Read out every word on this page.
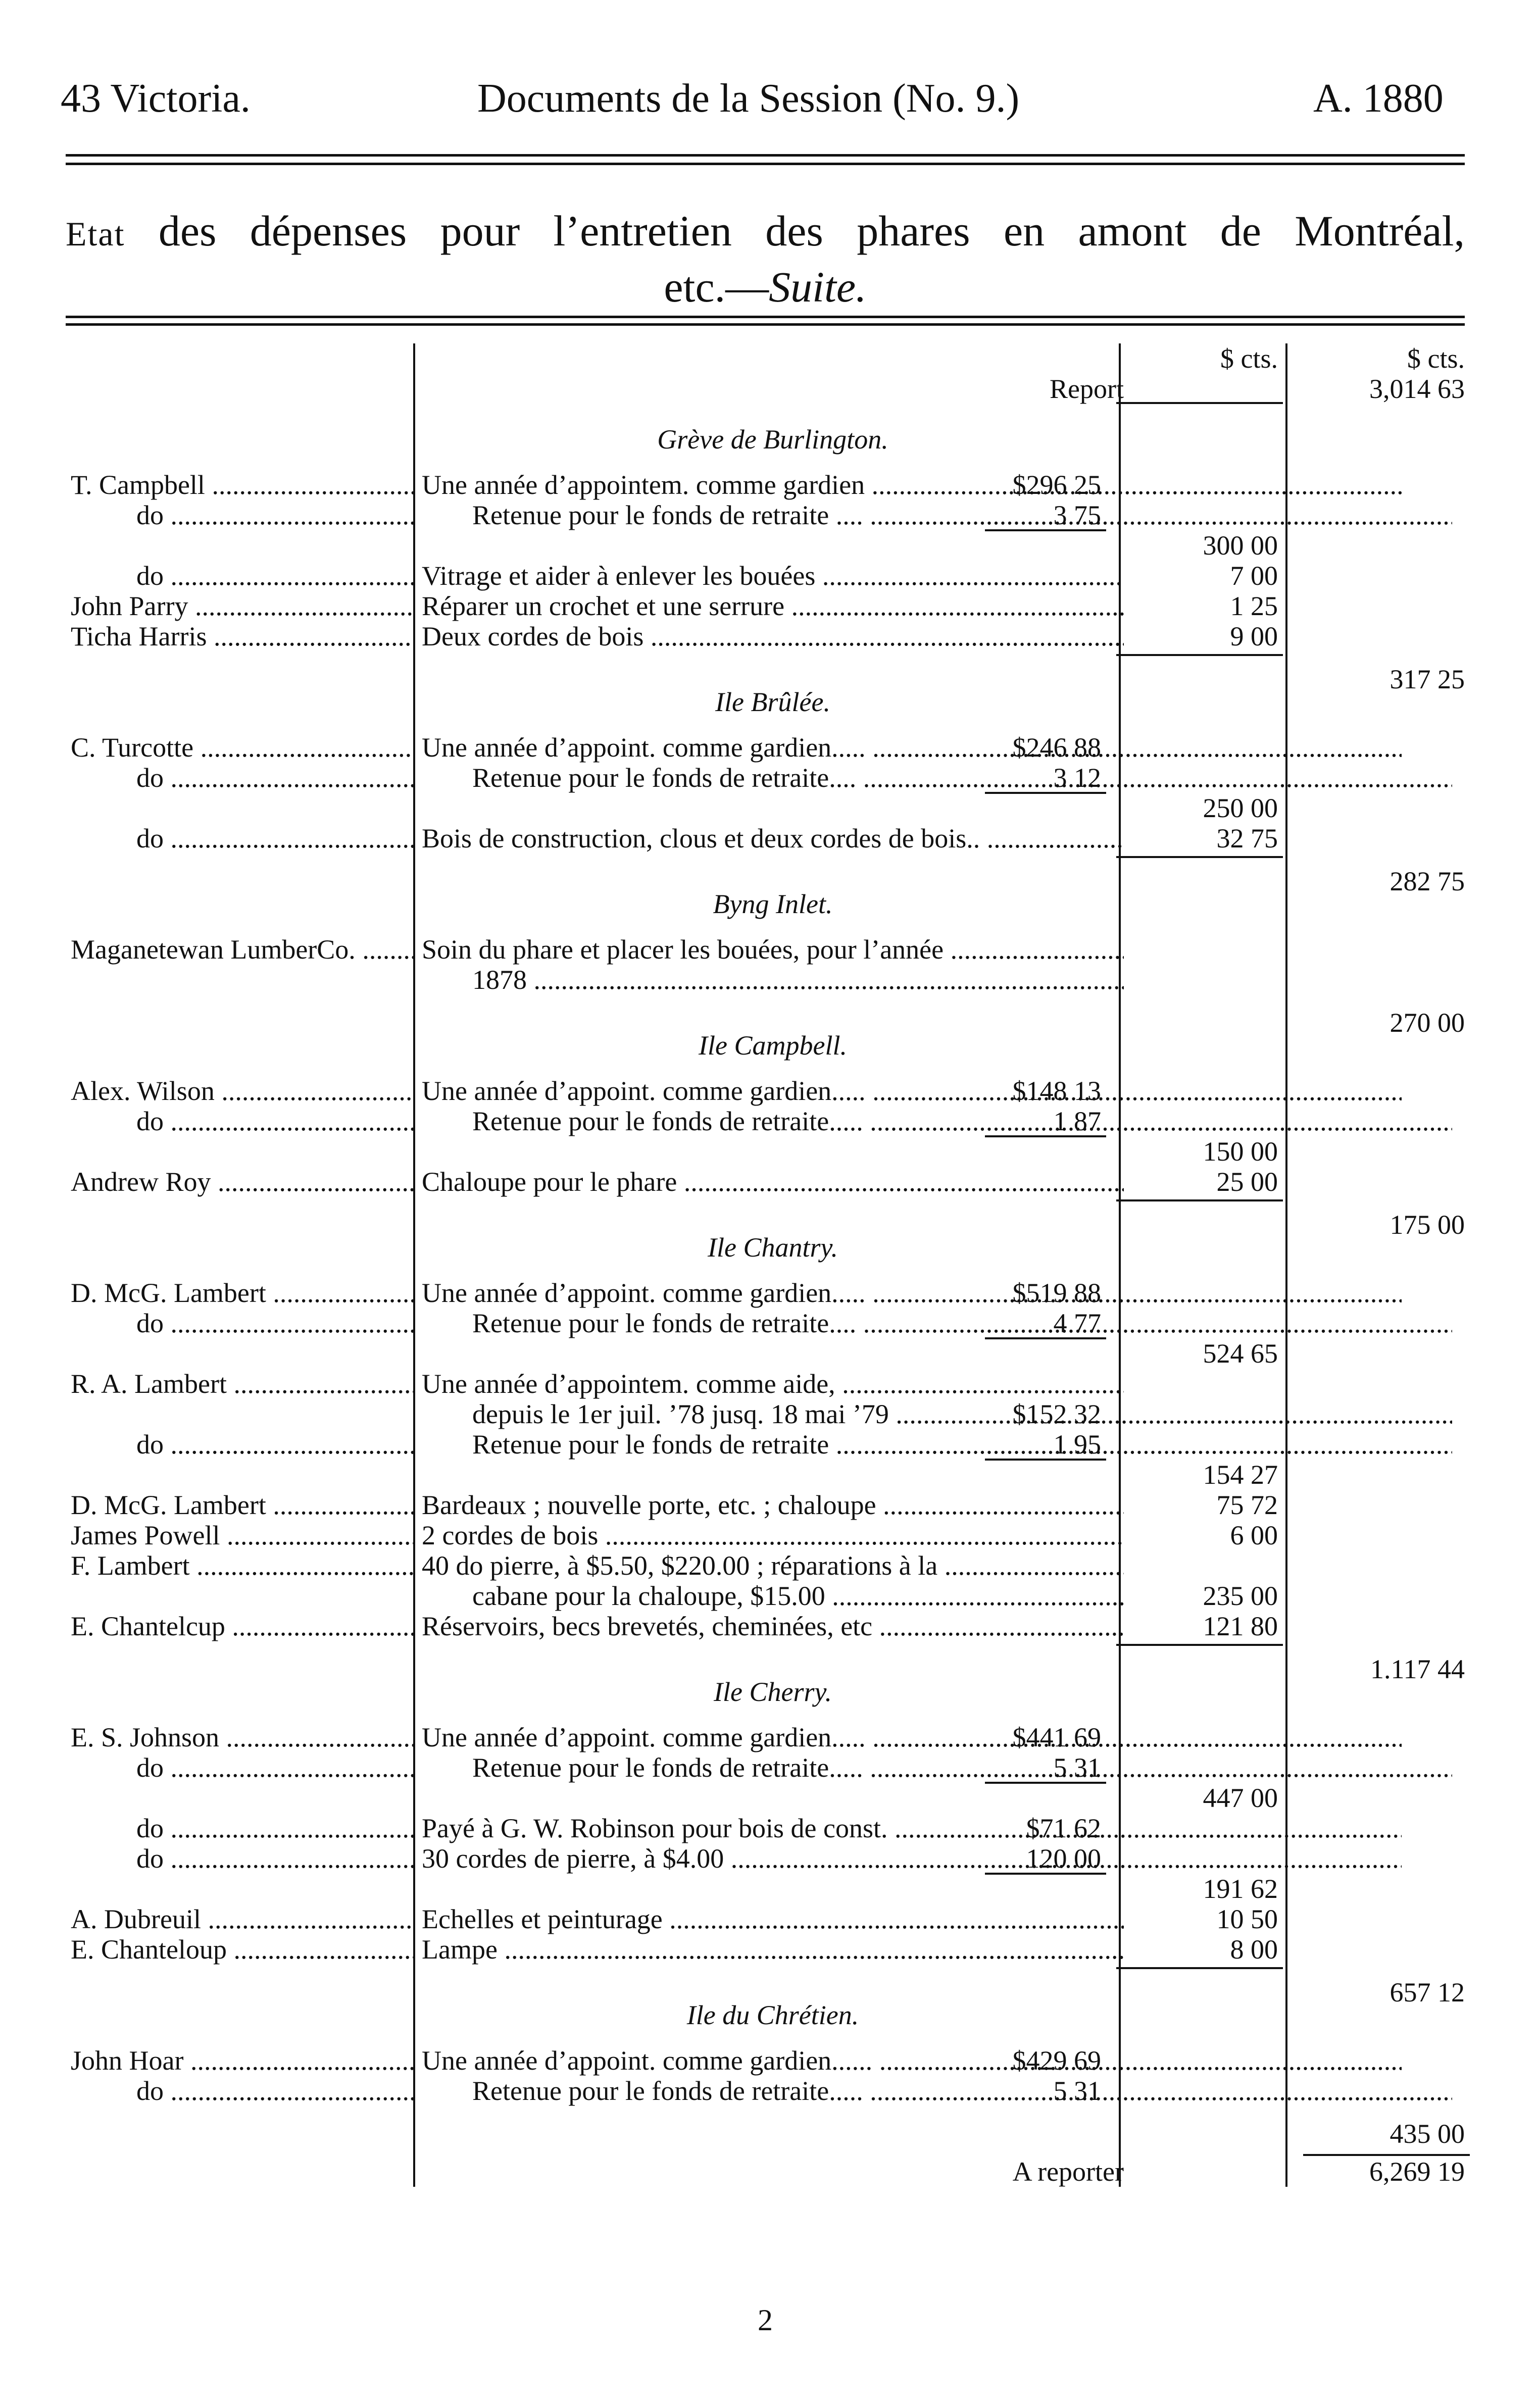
43 Victoria.	Documents de la Session (No. 9.)	A. 1880
Etat des dépenses pour l’entretien des phares en amont de Montréal,
etc.—Suite.
$ cts.	$ cts.
Report	3,014 63
Grève de Burlington.
T. Campbell .....	Une année d’appointem. comme gardien .....	$296 25
do .....	Retenue pour le fonds de retraite .... .....	3 75
300 00
do .....	Vitrage et aider à enlever les bouées .....	7 00
John Parry .....	Réparer un crochet et une serrure .....	1 25
Ticha Harris .....	Deux cordes de bois .....	9 00
317 25
Ile Brûlée.
C. Turcotte .....	Une année d’appoint. comme gardien..... .....	$246 88
do .....	Retenue pour le fonds de retraite.... .....	3 12
250 00
do .....	Bois de construction, clous et deux cordes de bois.. .....	32 75
282 75
Byng Inlet.
Maganetewan LumberCo. .....	Soin du phare et placer les bouées, pour l’année .....
1878 .....
270 00
Ile Campbell.
Alex. Wilson .....	Une année d’appoint. comme gardien..... .....	$148 13
do .....	Retenue pour le fonds de retraite..... .....	1 87
150 00
Andrew Roy .....	Chaloupe pour le phare .....	25 00
175 00
Ile Chantry.
D. McG. Lambert .....	Une année d’appoint. comme gardien..... .....	$519 88
do .....	Retenue pour le fonds de retraite.... .....	4 77
524 65
R. A. Lambert .....	Une année d’appointem. comme aide, .....
depuis le 1er juil. ’78 jusq. 18 mai ’79 .....	$152 32
do .....	Retenue pour le fonds de retraite .....	1 95
154 27
D. McG. Lambert .....	Bardeaux ; nouvelle porte, etc. ; chaloupe .....	75 72
James Powell .....	2 cordes de bois .....	6 00
F. Lambert .....	40 do pierre, à $5.50, $220.00 ; réparations à la .....
cabane pour la chaloupe, $15.00 .....	235 00
E. Chantelcup .....	Réservoirs, becs brevetés, cheminées, etc .....	121 80
1.117 44
Ile Cherry.
E. S. Johnson .....	Une année d’appoint. comme gardien..... .....	$441 69
do .....	Retenue pour le fonds de retraite..... .....	5 31
447 00
do .....	Payé à G. W. Robinson pour bois de const. .....	$71 62
do .....	30 cordes de pierre, à $4.00 .....	120 00
191 62
A. Dubreuil .....	Echelles et peinturage .....	10 50
E. Chanteloup .....	Lampe .....	8 00
657 12
Ile du Chrétien.
John Hoar .....	Une année d’appoint. comme gardien...... .....	$429 69
do .....	Retenue pour le fonds de retraite..... .....	5 31
435 00
A reporter	6,269 19
2
